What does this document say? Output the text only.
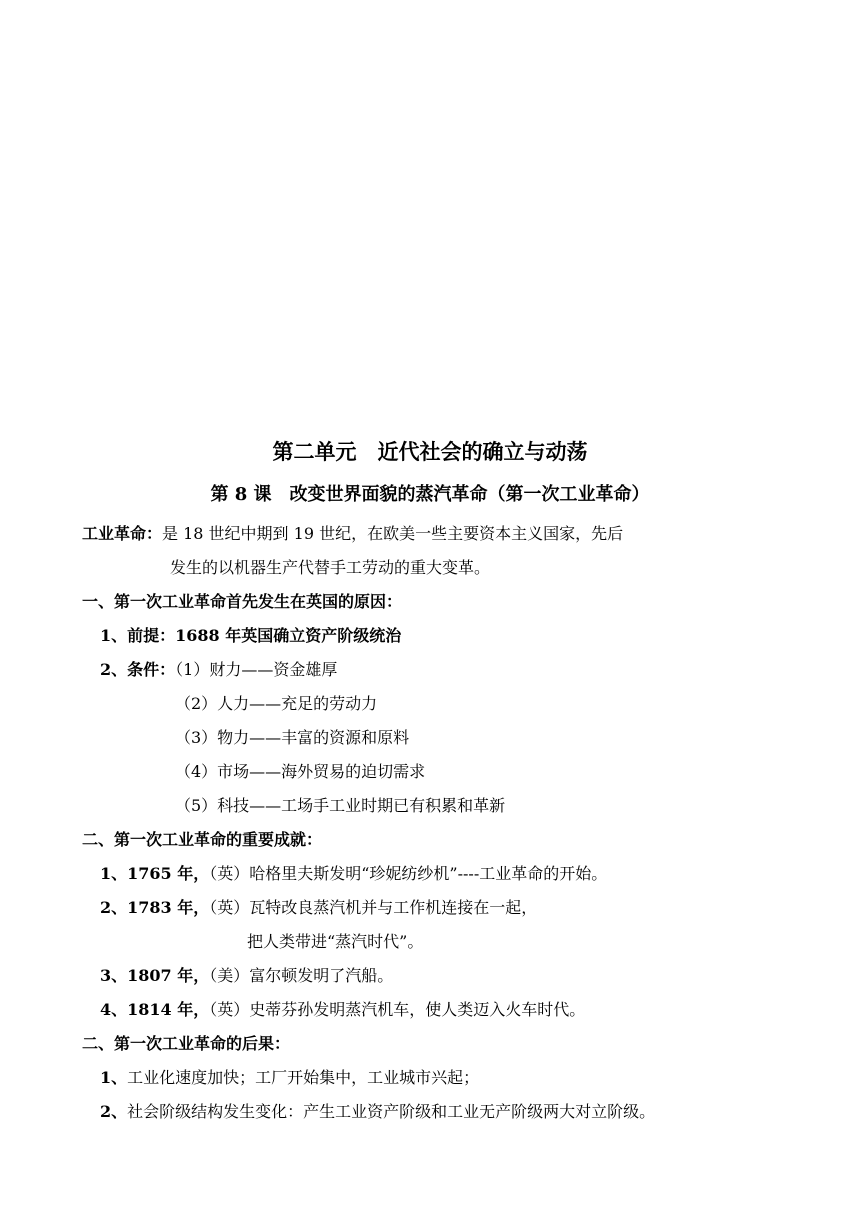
第二单元　近代社会的确立与动荡
第 8 课　改变世界面貌的蒸汽革命（第一次工业革命）
工业革命：是 18 世纪中期到 19 世纪，在欧美一些主要资本主义国家，先后
发生的以机器生产代替手工劳动的重大变革。
一、第一次工业革命首先发生在英国的原因：
1、前提：1688 年英国确立资产阶级统治
2、条件：（1）财力——资金雄厚
（2）人力——充足的劳动力
（3）物力——丰富的资源和原料
（4）市场——海外贸易的迫切需求
（5）科技——工场手工业时期已有积累和革新
二、第一次工业革命的重要成就：
1、1765 年，（英）哈格里夫斯发明“珍妮纺纱机”----工业革命的开始。
2、1783 年，（英）瓦特改良蒸汽机并与工作机连接在一起，
把人类带进“蒸汽时代”。
3、1807 年，（美）富尔顿发明了汽船。
4、1814 年，（英）史蒂芬孙发明蒸汽机车，使人类迈入火车时代。
二、第一次工业革命的后果：
1、工业化速度加快；工厂开始集中，工业城市兴起；
2、社会阶级结构发生变化：产生工业资产阶级和工业无产阶级两大对立阶级。
